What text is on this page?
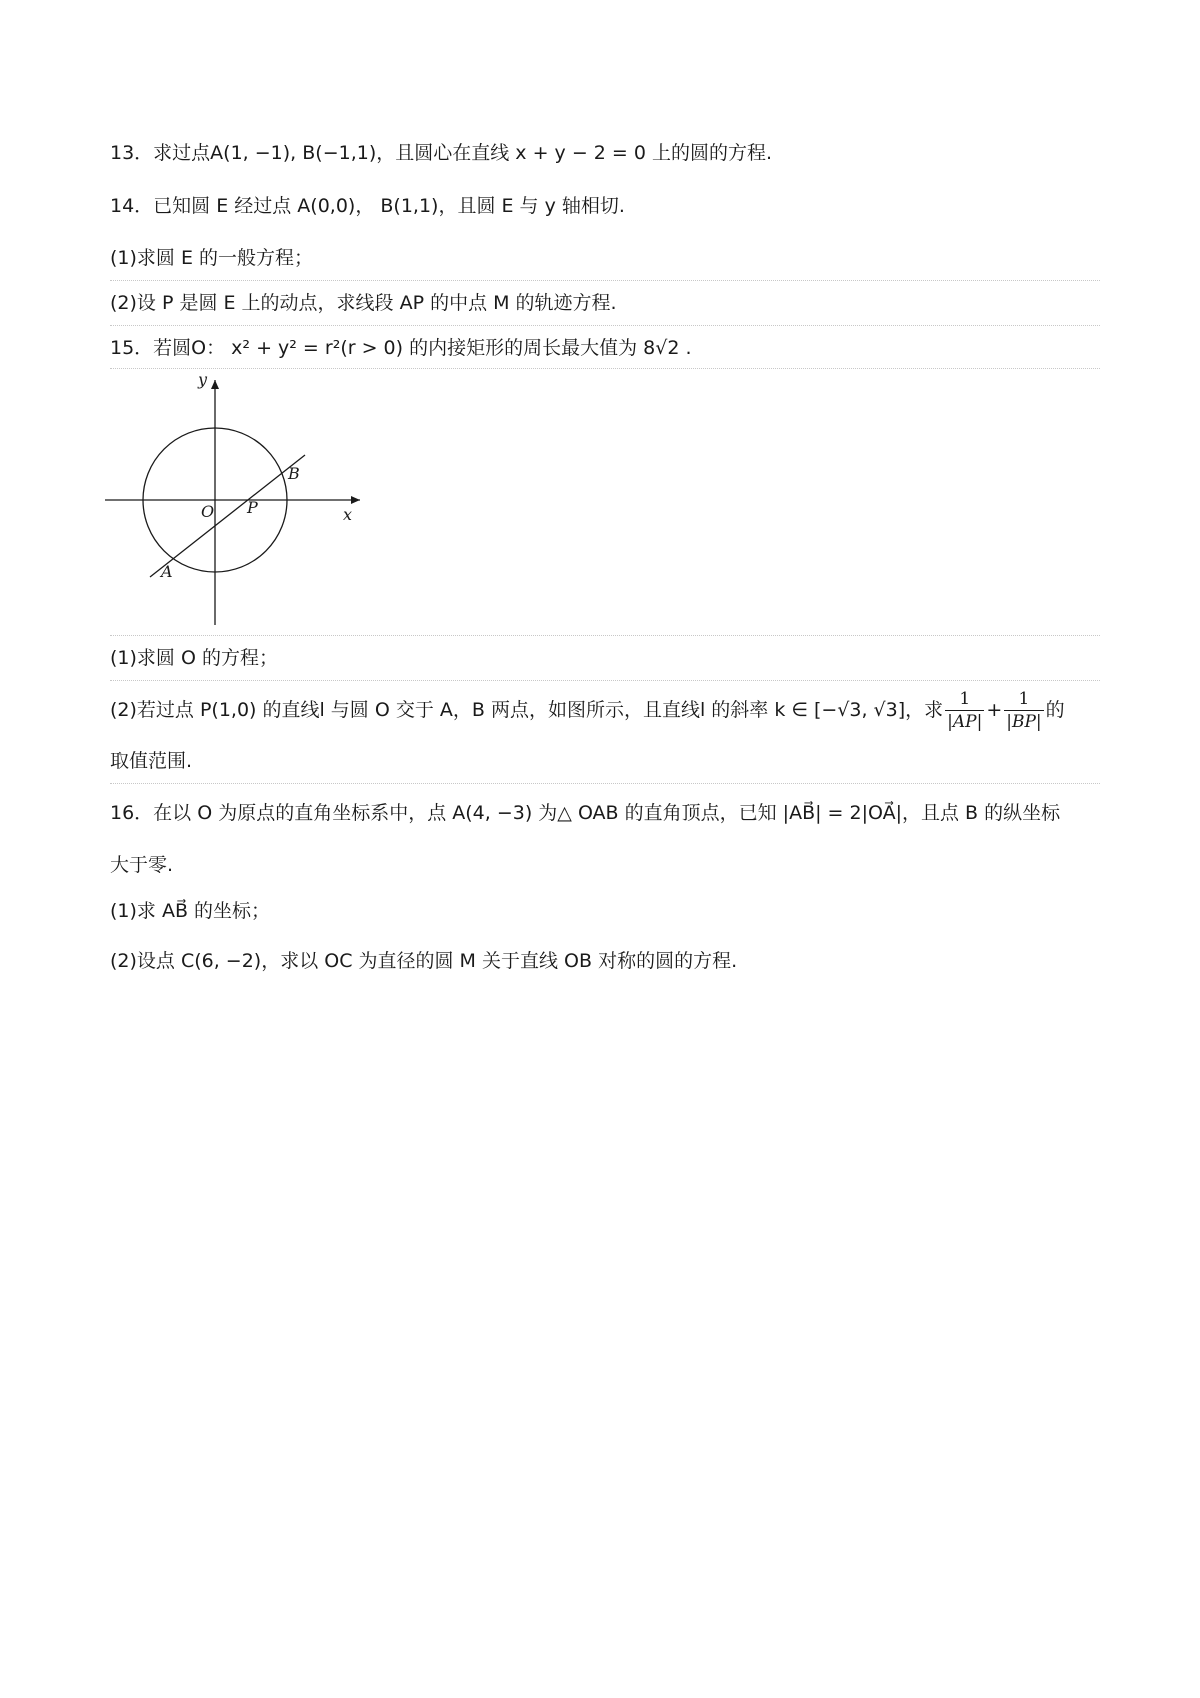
13．求过点A(1, −1), B(−1,1)，且圆心在直线 x + y − 2 = 0 上的圆的方程.
14．已知圆 E 经过点 A(0,0)， B(1,1)，且圆 E 与 y 轴相切.
(1)求圆 E 的一般方程；
(2)设 P 是圆 E 上的动点，求线段 AP 的中点 M 的轨迹方程.
15．若圆O： x² + y² = r²(r > 0) 的内接矩形的周长最大值为 8√2 .
y
x
O P
A
B
(1)求圆 O 的方程；
(2)若过点 P(1,0) 的直线l 与圆 O 交于 A，B 两点，如图所示，且直线l 的斜率 k ∈ [−√3, √3]，求 $\frac{1}{|AP|} + \frac{1}{|BP|}$ 的
取值范围.
16．在以 O 为原点的直角坐标系中，点 A(4, −3) 为△ OAB 的直角顶点，已知 |AB⃗| = 2|OA⃗|，且点 B 的纵坐标
大于零.
(1)求 AB⃗ 的坐标；
(2)设点 C(6, −2)，求以 OC 为直径的圆 M 关于直线 OB 对称的圆的方程.
